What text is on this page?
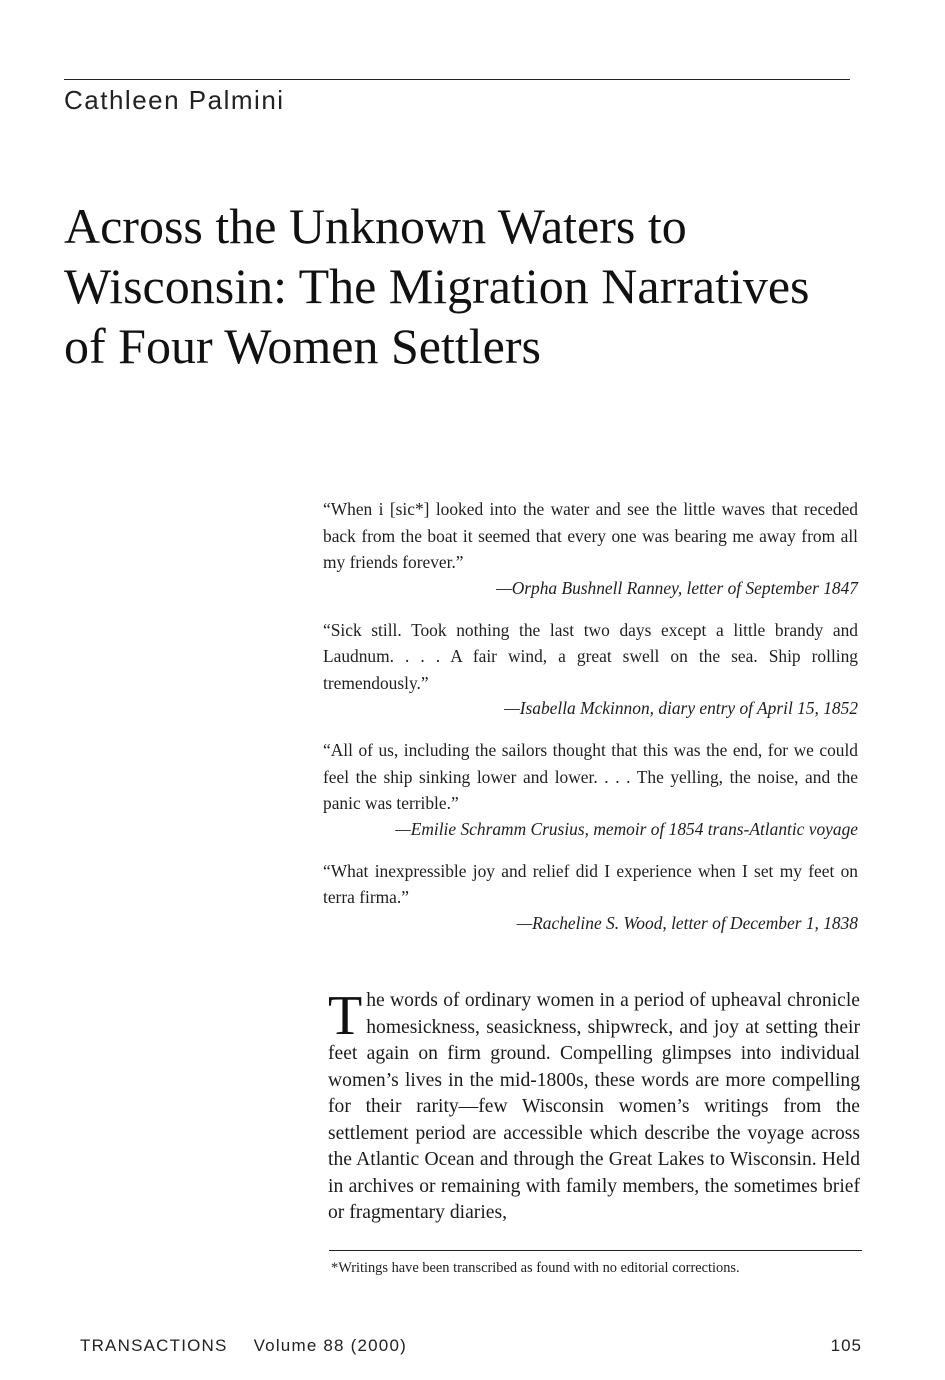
Cathleen Palmini
Across the Unknown Waters to
Wisconsin: The Migration Narratives
of Four Women Settlers
“When i [sic*] looked into the water and see the little waves that receded back from the boat it seemed that every one was bearing me away from all my friends forever.”
—Orpha Bushnell Ranney, letter of September 1847
“Sick still. Took nothing the last two days except a little brandy and Laudnum. . . . A fair wind, a great swell on the sea. Ship rolling tremendously.”
—Isabella Mckinnon, diary entry of April 15, 1852
“All of us, including the sailors thought that this was the end, for we could feel the ship sinking lower and lower. . . . The yelling, the noise, and the panic was terrible.”
—Emilie Schramm Crusius, memoir of 1854 trans-Atlantic voyage
“What inexpressible joy and relief did I experience when I set my feet on terra firma.”
—Racheline S. Wood, letter of December 1, 1838

The words of ordinary women in a period of upheaval chronicle homesickness, seasickness, shipwreck, and joy at setting their feet again on firm ground. Compelling glimpses into individual women’s lives in the mid-1800s, these words are more compelling for their rarity—few Wisconsin women’s writings from the settlement period are accessible which describe the voyage across the Atlantic Ocean and through the Great Lakes to Wisconsin. Held in archives or remaining with family members, the sometimes brief or fragmentary diaries,

*Writings have been transcribed as found with no editorial corrections.
TRANSACTIONS Volume 88 (2000)	105
